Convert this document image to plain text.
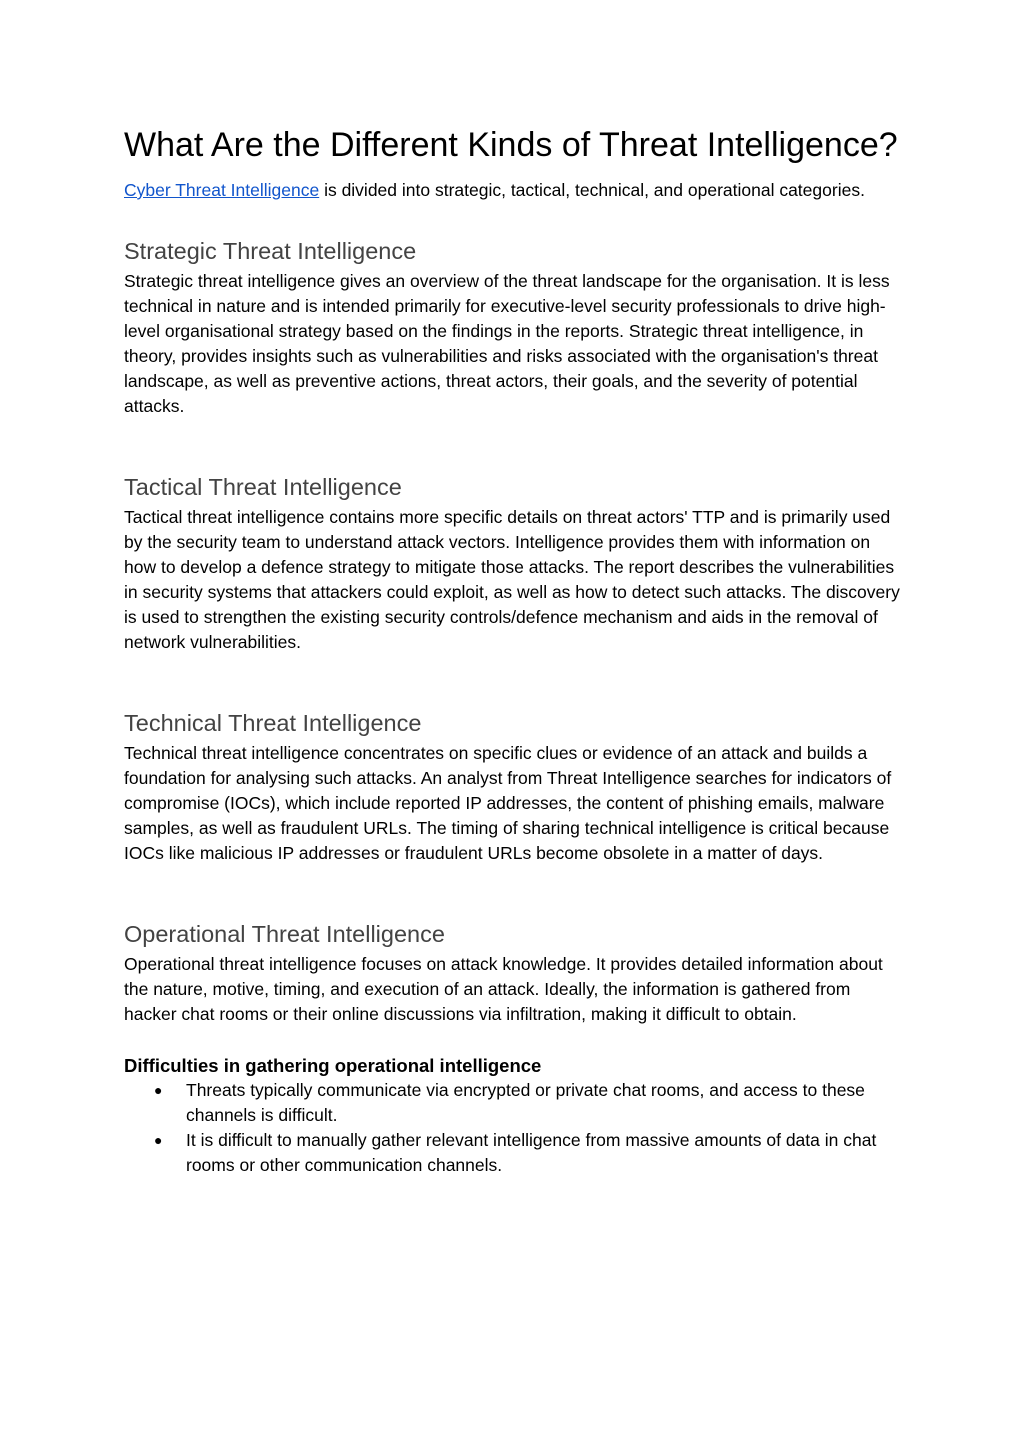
What Are the Different Kinds of Threat Intelligence?

Cyber Threat Intelligence is divided into strategic, tactical, technical, and operational categories.

Strategic Threat Intelligence

Strategic threat intelligence gives an overview of the threat landscape for the organisation. It is less technical in nature and is intended primarily for executive-level security professionals to drive high-level organisational strategy based on the findings in the reports. Strategic threat intelligence, in theory, provides insights such as vulnerabilities and risks associated with the organisation's threat landscape, as well as preventive actions, threat actors, their goals, and the severity of potential attacks.

Tactical Threat Intelligence

Tactical threat intelligence contains more specific details on threat actors' TTP and is primarily used by the security team to understand attack vectors. Intelligence provides them with information on how to develop a defence strategy to mitigate those attacks. The report describes the vulnerabilities in security systems that attackers could exploit, as well as how to detect such attacks. The discovery is used to strengthen the existing security controls/defence mechanism and aids in the removal of network vulnerabilities.

Technical Threat Intelligence

Technical threat intelligence concentrates on specific clues or evidence of an attack and builds a foundation for analysing such attacks. An analyst from Threat Intelligence searches for indicators of compromise (IOCs), which include reported IP addresses, the content of phishing emails, malware samples, as well as fraudulent URLs. The timing of sharing technical intelligence is critical because IOCs like malicious IP addresses or fraudulent URLs become obsolete in a matter of days.

Operational Threat Intelligence

Operational threat intelligence focuses on attack knowledge. It provides detailed information about the nature, motive, timing, and execution of an attack. Ideally, the information is gathered from hacker chat rooms or their online discussions via infiltration, making it difficult to obtain.

Difficulties in gathering operational intelligence
● Threats typically communicate via encrypted or private chat rooms, and access to these channels is difficult.
● It is difficult to manually gather relevant intelligence from massive amounts of data in chat rooms or other communication channels.
